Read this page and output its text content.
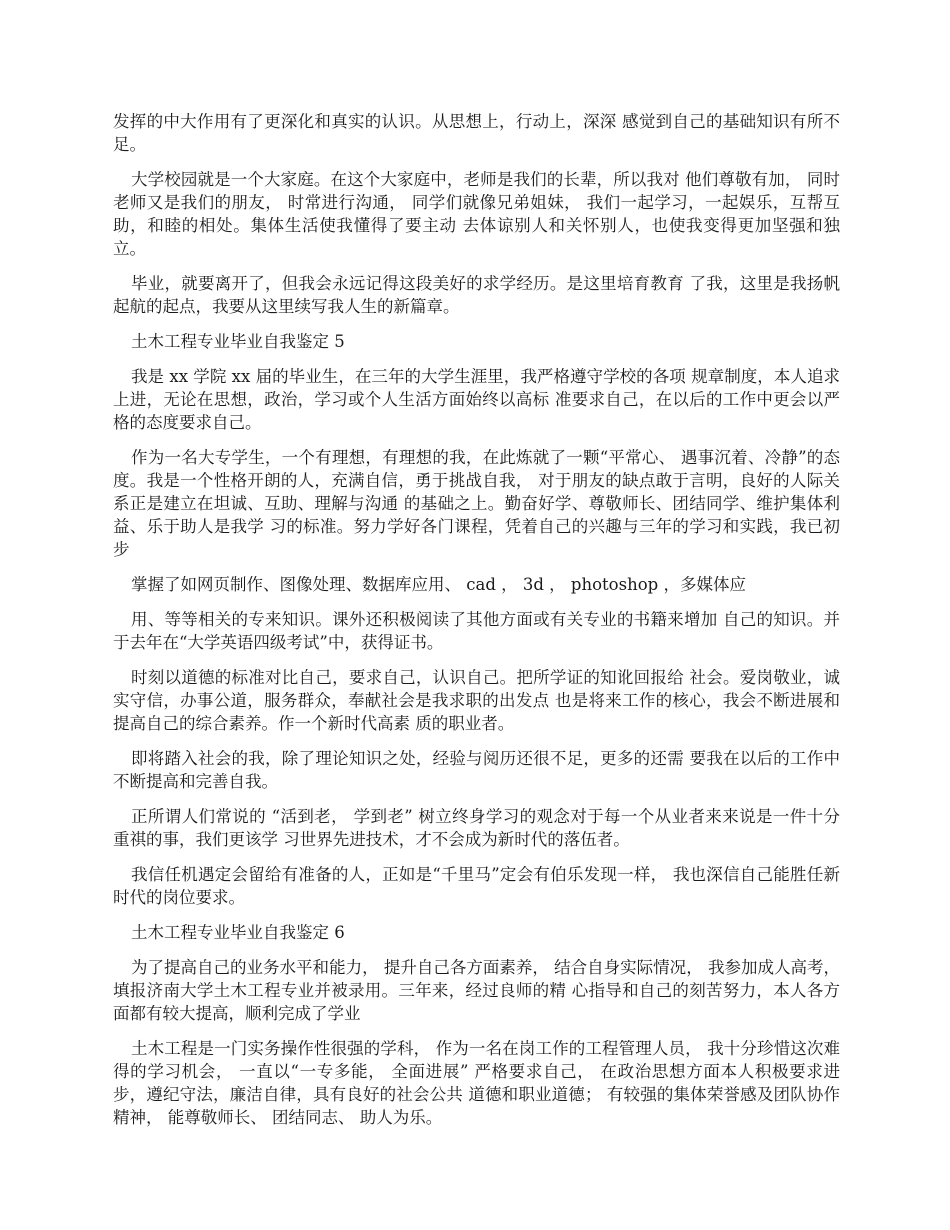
发挥的中大作用有了更深化和真实的认识。从思想上，行动上，深深 感觉到自己的基础知识有所不足。

大学校园就是一个大家庭。在这个大家庭中，老师是我们的长辈，所以我对 他们尊敬有加， 同时老师又是我们的朋友， 时常进行沟通， 同学们就像兄弟姐妹， 我们一起学习，一起娱乐，互帮互助，和睦的相处。集体生活使我懂得了要主动 去体谅别人和关怀别人，也使我变得更加坚强和独立。

毕业，就要离开了，但我会永远记得这段美好的求学经历。是这里培育教育 了我，这里是我扬帆起航的起点，我要从这里续写我人生的新篇章。

土木工程专业毕业自我鉴定 5

我是 xx 学院 xx 届的毕业生，在三年的大学生涯里，我严格遵守学校的各项 规章制度，本人追求上进，无论在思想，政治，学习或个人生活方面始终以高标 准要求自己，在以后的工作中更会以严格的态度要求自己。

作为一名大专学生，一个有理想，有理想的我，在此炼就了一颗“平常心、 遇事沉着、冷静”的态度。我是一个性格开朗的人，充满自信，勇于挑战自我， 对于朋友的缺点敢于言明，良好的人际关系正是建立在坦诚、互助、理解与沟通 的基础之上。勤奋好学、尊敬师长、团结同学、维护集体利益、乐于助人是我学 习的标准。努力学好各门课程，凭着自己的兴趣与三年的学习和实践，我已初步

掌握了如网页制作、图像处理、数据库应用、 cad ， 3d ， photoshop ，多媒体应

用、等等相关的专来知识。课外还积极阅读了其他方面或有关专业的书籍来增加 自己的知识。并于去年在“大学英语四级考试”中，获得证书。

时刻以道德的标准对比自己，要求自己，认识自己。把所学证的知讹回报给 社会。爱岗敬业，诚实守信，办事公道，服务群众，奉献社会是我求职的出发点 也是将来工作的核心，我会不断进展和提高自己的综合素养。作一个新时代高素 质的职业者。

即将踏入社会的我，除了理论知识之处，经验与阅历还很不足，更多的还需 要我在以后的工作中不断提高和完善自我。

正所谓人们常说的 “活到老， 学到老” 树立终身学习的观念对于每一个从业者来来说是一件十分重祺的事，我们更该学 习世界先进技术，才不会成为新时代的落伍者。

我信任机遇定会留给有准备的人，正如是“千里马”定会有伯乐发现一样， 我也深信自己能胜任新时代的岗位要求。

土木工程专业毕业自我鉴定 6

为了提高自己的业务水平和能力， 提升自己各方面素养， 结合自身实际情况， 我参加成人高考，填报济南大学土木工程专业并被录用。三年来，经过良师的精 心指导和自己的刻苦努力，本人各方面都有较大提高，顺利完成了学业

土木工程是一门实务操作性很强的学科， 作为一名在岗工作的工程管理人员， 我十分珍惜这次难得的学习机会， 一直以“一专多能， 全面进展” 严格要求自己， 在政治思想方面本人积极要求进步，遵纪守法，廉洁自律，具有良好的社会公共 道德和职业道德； 有较强的集体荣誉感及团队协作精神， 能尊敬师长、 团结同志、 助人为乐。
